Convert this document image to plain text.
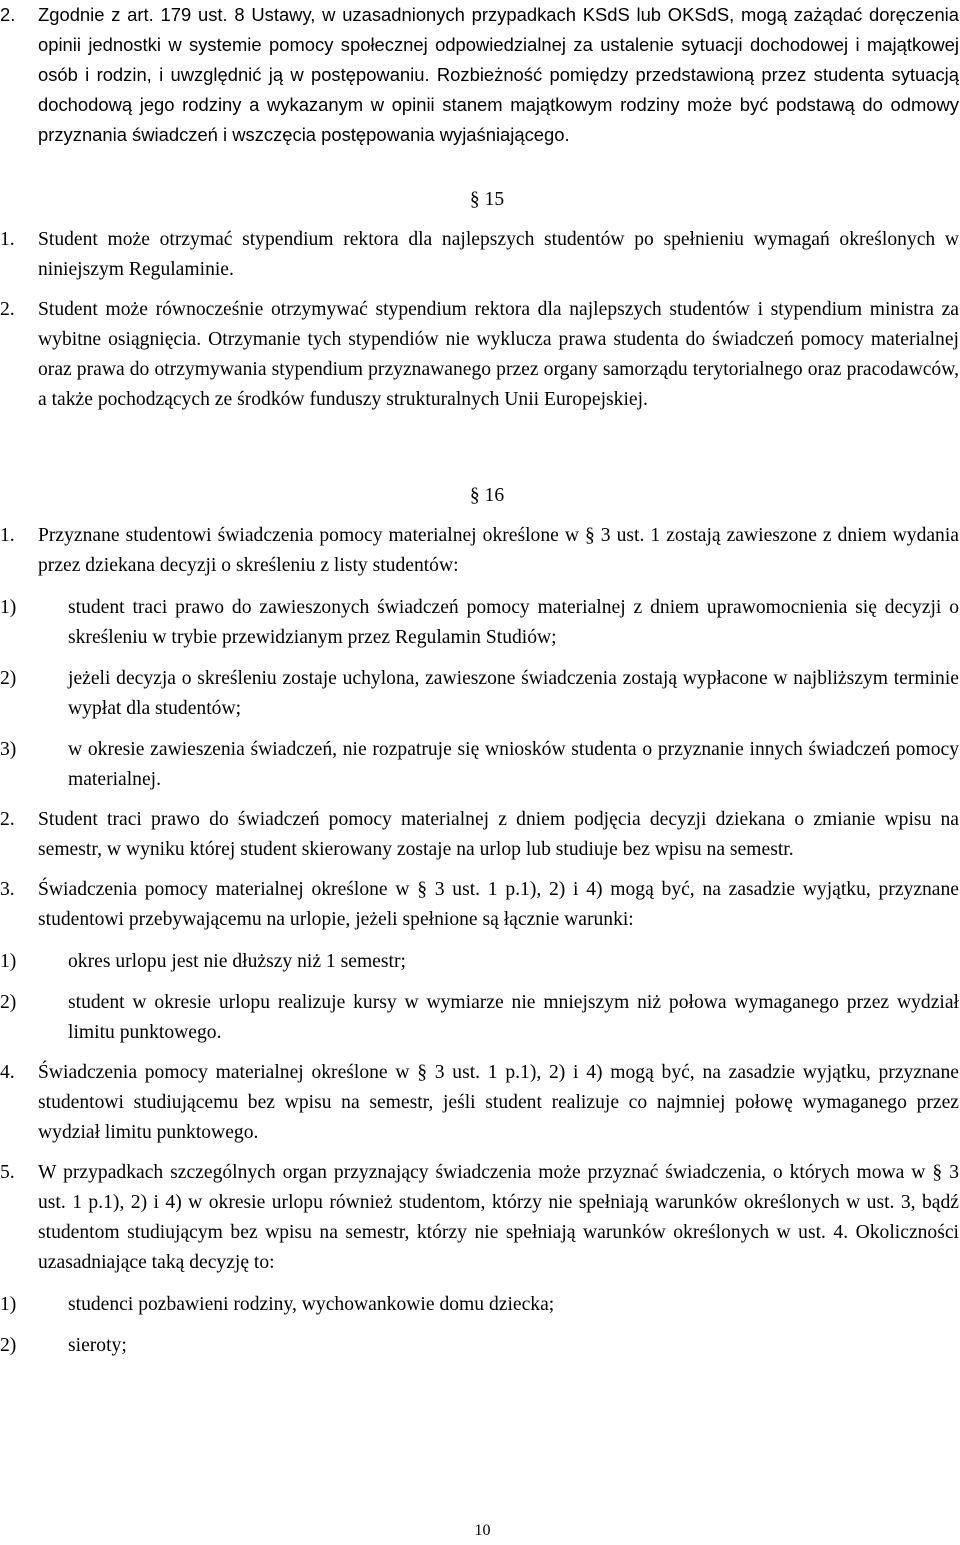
2.	Zgodnie z art. 179 ust. 8 Ustawy, w uzasadnionych przypadkach KSdS lub OKSdS, mogą zażądać doręczenia opinii jednostki w systemie pomocy społecznej odpowiedzialnej za ustalenie sytuacji dochodowej i majątkowej osób i rodzin, i uwzględnić ją w postępowaniu. Rozbieżność pomiędzy przedstawioną przez studenta sytuacją dochodową jego rodziny a wykazanym w opinii stanem majątkowym rodziny może być podstawą do odmowy przyznania świadczeń i wszczęcia postępowania wyjaśniającego.
§ 15
1.	Student może otrzymać stypendium rektora dla najlepszych studentów po spełnieniu wymagań określonych w niniejszym Regulaminie.
2.	Student może równocześnie otrzymywać stypendium rektora dla najlepszych studentów i stypendium ministra za wybitne osiągnięcia. Otrzymanie tych stypendiów nie wyklucza prawa studenta do świadczeń pomocy materialnej oraz prawa do otrzymywania stypendium przyznawanego przez organy samorządu terytorialnego oraz pracodawców, a także pochodzących ze środków funduszy strukturalnych Unii Europejskiej.
§ 16
1.	Przyznane studentowi świadczenia pomocy materialnej określone w § 3 ust. 1 zostają zawieszone z dniem wydania przez dziekana decyzji o skreśleniu z listy studentów:
1)	student traci prawo do zawieszonych świadczeń pomocy materialnej z dniem uprawomocnienia się decyzji o skreśleniu w trybie przewidzianym przez Regulamin Studiów;
2)	jeżeli decyzja o skreśleniu zostaje uchylona, zawieszone świadczenia zostają wypłacone w najbliższym terminie wypłat dla studentów;
3)	w okresie zawieszenia świadczeń, nie rozpatruje się wniosków studenta o przyznanie innych świadczeń pomocy materialnej.
2.	Student traci prawo do świadczeń pomocy materialnej z dniem podjęcia decyzji dziekana o zmianie wpisu na semestr, w wyniku której student skierowany zostaje na urlop lub studiuje bez wpisu na semestr.
3.	Świadczenia pomocy materialnej określone w § 3 ust. 1 p.1), 2) i 4) mogą być, na zasadzie wyjątku, przyznane studentowi przebywającemu na urlopie, jeżeli spełnione są łącznie warunki:
1)	okres urlopu jest nie dłuższy niż 1 semestr;
2)	student w okresie urlopu realizuje kursy w wymiarze nie mniejszym niż połowa wymaganego przez wydział limitu punktowego.
4.	Świadczenia pomocy materialnej określone w § 3 ust. 1 p.1), 2) i 4) mogą być, na zasadzie wyjątku, przyznane studentowi studiującemu bez wpisu na semestr, jeśli student realizuje co najmniej połowę wymaganego przez wydział limitu punktowego.
5.	W przypadkach szczególnych organ przyznający świadczenia może przyznać świadczenia, o których mowa w § 3 ust. 1 p.1), 2) i 4) w okresie urlopu również studentom, którzy nie spełniają warunków określonych w ust. 3, bądź studentom studiującym bez wpisu na semestr, którzy nie spełniają warunków określonych w ust. 4. Okoliczności uzasadniające taką decyzję to:
1)	studenci pozbawieni rodziny, wychowankowie domu dziecka;
2)	sieroty;
10
